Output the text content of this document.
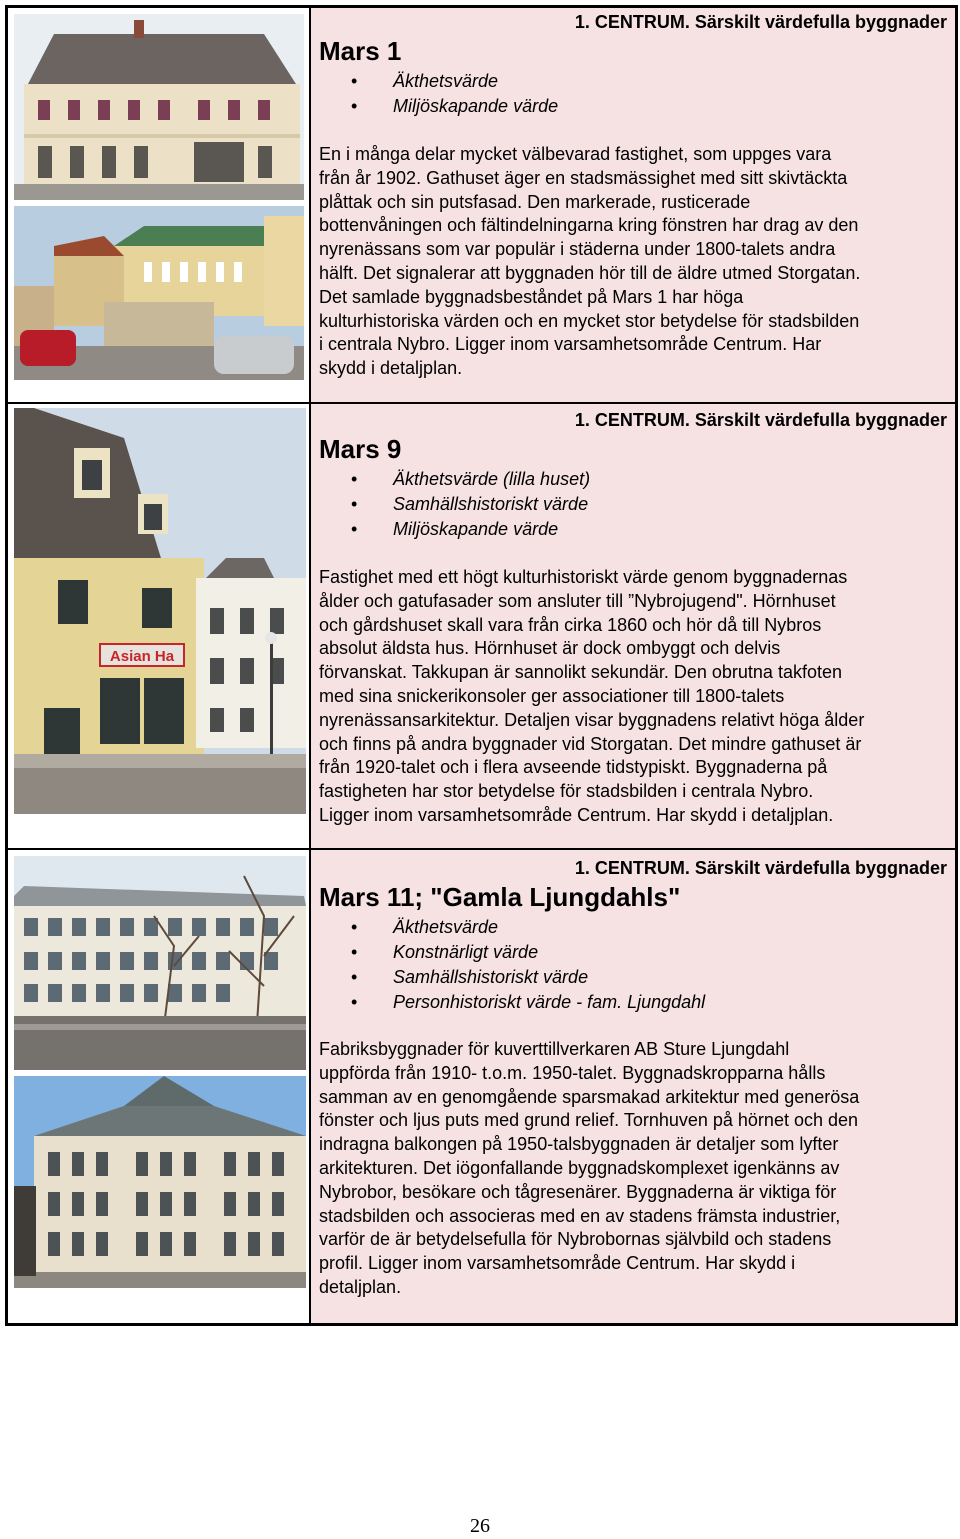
1. CENTRUM. Särskilt värdefulla byggnader
Mars 1
• Äkthetsvärde
• Miljöskapande värde

En i många delar mycket välbevarad fastighet, som uppges vara

från år 1902. Gathuset äger en stadsmässighet med sitt skivtäckta

plåttak och sin putsfasad. Den markerade, rusticerade

bottenvåningen och fältindelningarna kring fönstren har drag av den

nyrenässans som var populär i städerna under 1800-talets andra

hälft. Det signalerar att byggnaden hör till de äldre utmed Storgatan.

Det samlade byggnadsbeståndet på Mars 1 har höga

kulturhistoriska värden och en mycket stor betydelse för stadsbilden

i centrala Nybro. Ligger inom varsamhetsområde Centrum. Har

skydd i detaljplan.

Asian Ha
1. CENTRUM. Särskilt värdefulla byggnader
Mars 9
• Äkthetsvärde (lilla huset)
• Samhällshistoriskt värde
• Miljöskapande värde

Fastighet med ett högt kulturhistoriskt värde genom byggnadernas

ålder och gatufasader som ansluter till ”Nybrojugend". Hörnhuset

och gårdshuset skall vara från cirka 1860 och hör då till Nybros

absolut äldsta hus. Hörnhuset är dock ombyggt och delvis

förvanskat. Takkupan är sannolikt sekundär. Den obrutna takfoten

med sina snickerikonsoler ger associationer till 1800-talets

nyrenässansarkitektur. Detaljen visar byggnadens relativt höga ålder

och finns på andra byggnader vid Storgatan. Det mindre gathuset är

från 1920-talet och i flera avseende tidstypiskt. Byggnaderna på

fastigheten har stor betydelse för stadsbilden i centrala Nybro.

Ligger inom varsamhetsområde Centrum. Har skydd i detaljplan.

1. CENTRUM. Särskilt värdefulla byggnader
Mars 11; "Gamla Ljungdahls"
• Äkthetsvärde
• Konstnärligt värde
• Samhällshistoriskt värde
• Personhistoriskt värde - fam. Ljungdahl

Fabriksbyggnader för kuverttillverkaren AB Sture Ljungdahl

uppförda från 1910- t.o.m. 1950-talet. Byggnadskropparna hålls

samman av en genomgående sparsmakad arkitektur med generösa

fönster och ljus puts med grund relief. Tornhuven på hörnet och den

indragna balkongen på 1950-talsbyggnaden är detaljer som lyfter

arkitekturen. Det iögonfallande byggnadskomplexet igenkänns av

Nybrobor, besökare och tågresenärer. Byggnaderna är viktiga för

stadsbilden och associeras med en av stadens främsta industrier,

varför de är betydelsefulla för Nybrobornas självbild och stadens

profil. Ligger inom varsamhetsområde Centrum. Har skydd i

detaljplan.

26
